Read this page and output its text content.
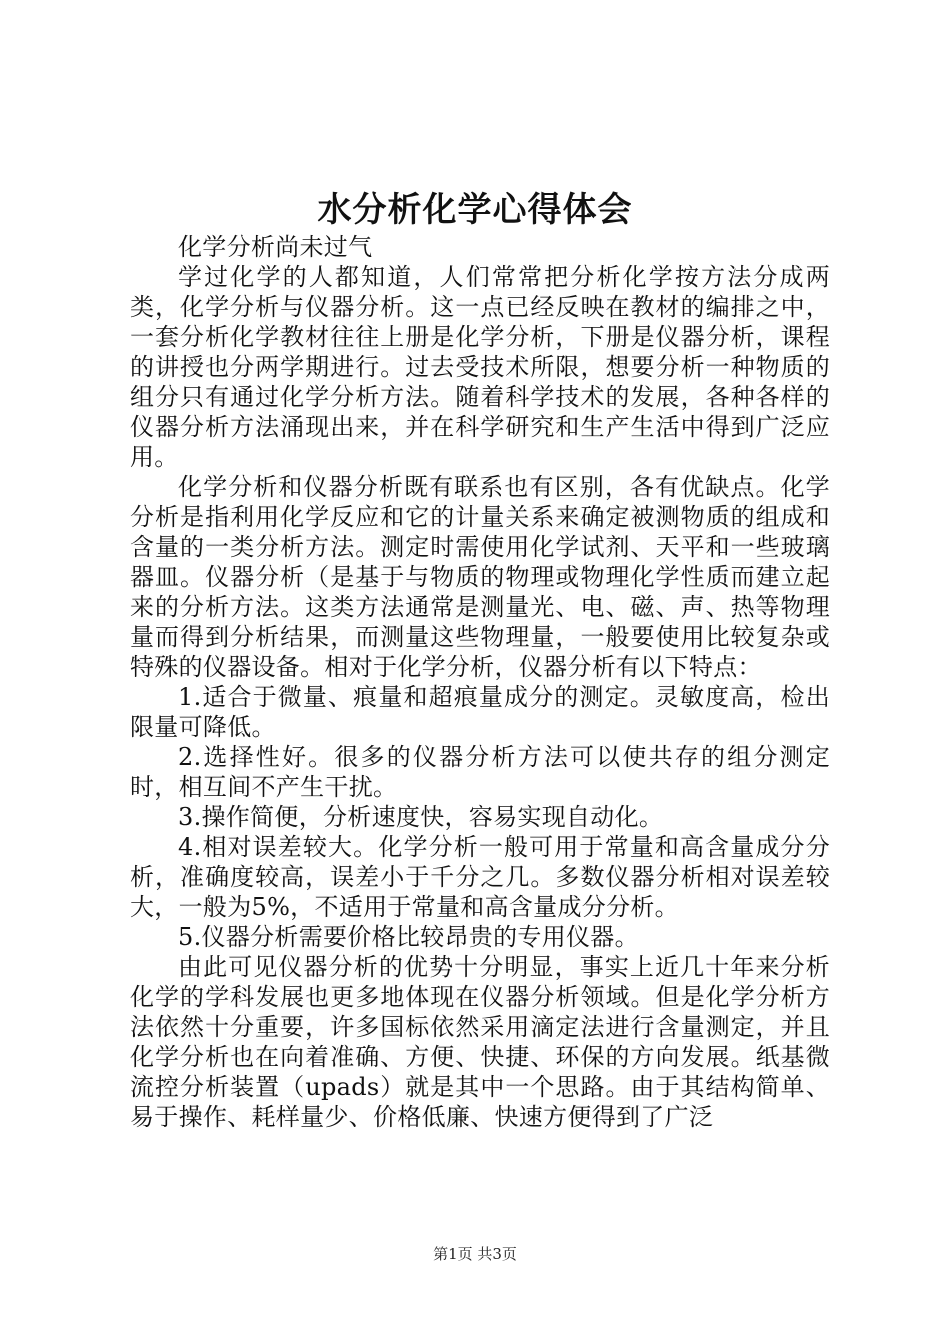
水分析化学心得体会

化学分析尚未过气

学过化学的人都知道，人们常常把分析化学按方法分成两类，化学分析与仪器分析。这一点已经反映在教材的编排之中，一套分析化学教材往往上册是化学分析，下册是仪器分析，课程的讲授也分两学期进行。过去受技术所限，想要分析一种物质的组分只有通过化学分析方法。随着科学技术的发展，各种各样的仪器分析方法涌现出来，并在科学研究和生产生活中得到广泛应用。

化学分析和仪器分析既有联系也有区别，各有优缺点。化学分析是指利用化学反应和它的计量关系来确定被测物质的组成和含量的一类分析方法。测定时需使用化学试剂、天平和一些玻璃器皿。仪器分析（是基于与物质的物理或物理化学性质而建立起来的分析方法。这类方法通常是测量光、电、磁、声、热等物理量而得到分析结果，而测量这些物理量，一般要使用比较复杂或特殊的仪器设备。相对于化学分析，仪器分析有以下特点：

1.适合于微量、痕量和超痕量成分的测定。灵敏度高，检出限量可降低。

2.选择性好。很多的仪器分析方法可以使共存的组分测定时，相互间不产生干扰。

3.操作简便，分析速度快，容易实现自动化。

4.相对误差较大。化学分析一般可用于常量和高含量成分分析，准确度较高，误差小于千分之几。多数仪器分析相对误差较大，一般为5%，不适用于常量和高含量成分分析。

5.仪器分析需要价格比较昂贵的专用仪器。

由此可见仪器分析的优势十分明显，事实上近几十年来分析化学的学科发展也更多地体现在仪器分析领域。但是化学分析方法依然十分重要，许多国标依然采用滴定法进行含量测定，并且化学分析也在向着准确、方便、快捷、环保的方向发展。纸基微流控分析装置（upads）就是其中一个思路。由于其结构简单、易于操作、耗样量少、价格低廉、快速方便得到了广泛

第1页 共3页
